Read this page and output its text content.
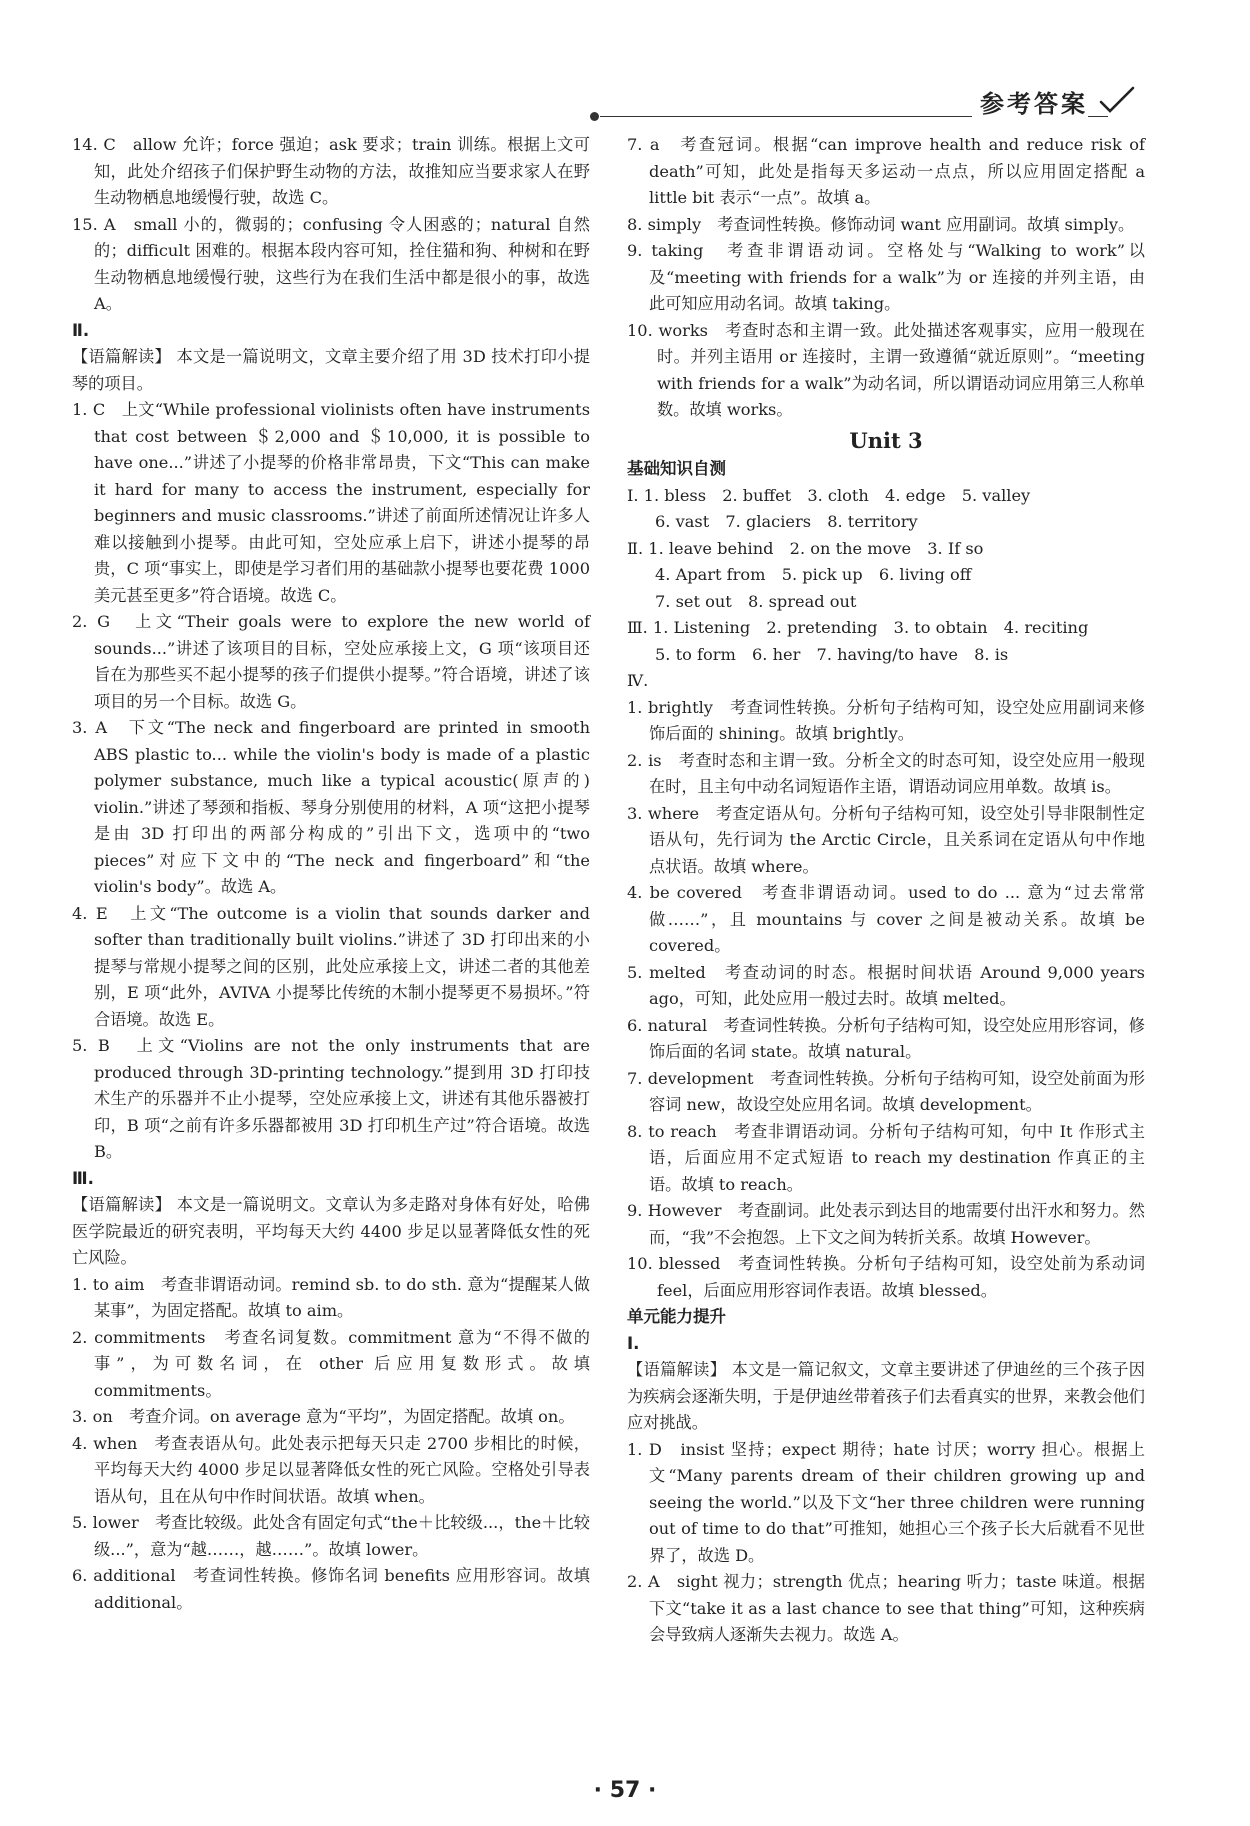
参考答案

14. C　allow 允许；force 强迫；ask 要求；train 训练。根据上文可知，此处介绍孩子们保护野生动物的方法，故推知应当要求家人在野生动物栖息地缓慢行驶，故选 C。

15. A　small 小的，微弱的；confusing 令人困惑的；natural 自然的；difficult 困难的。根据本段内容可知，拴住猫和狗、种树和在野生动物栖息地缓慢行驶，这些行为在我们生活中都是很小的事，故选 A。

Ⅱ.

【语篇解读】 本文是一篇说明文，文章主要介绍了用 3D 技术打印小提琴的项目。

1. C　上文“While professional violinists often have instruments that cost between ＄2,000 and ＄10,000, it is possible to have one...”讲述了小提琴的价格非常昂贵，下文“This can make it hard for many to access the instrument, especially for beginners and music classrooms.”讲述了前面所述情况让许多人难以接触到小提琴。由此可知，空处应承上启下，讲述小提琴的昂贵，C 项“事实上，即使是学习者们用的基础款小提琴也要花费 1000 美元甚至更多”符合语境。故选 C。

2. G　上文“Their goals were to explore the new world of sounds...”讲述了该项目的目标，空处应承接上文，G 项“该项目还旨在为那些买不起小提琴的孩子们提供小提琴。”符合语境，讲述了该项目的另一个目标。故选 G。

3. A　下文“The neck and fingerboard are printed in smooth ABS plastic to... while the violin's body is made of a plastic polymer substance, much like a typical acoustic(原声的) violin.”讲述了琴颈和指板、琴身分别使用的材料，A 项“这把小提琴是由 3D 打印出的两部分构成的”引出下文，选项中的“two pieces”对应下文中的“The neck and fingerboard”和“the violin's body”。故选 A。

4. E　上文“The outcome is a violin that sounds darker and softer than traditionally built violins.”讲述了 3D 打印出来的小提琴与常规小提琴之间的区别，此处应承接上文，讲述二者的其他差别，E 项“此外，AVIVA 小提琴比传统的木制小提琴更不易损坏。”符合语境。故选 E。

5. B　上文“Violins are not the only instruments that are produced through 3D-printing technology.”提到用 3D 打印技术生产的乐器并不止小提琴，空处应承接上文，讲述有其他乐器被打印，B 项“之前有许多乐器都被用 3D 打印机生产过”符合语境。故选 B。

Ⅲ.

【语篇解读】 本文是一篇说明文。文章认为多走路对身体有好处，哈佛医学院最近的研究表明，平均每天大约 4400 步足以显著降低女性的死亡风险。

1. to aim　考查非谓语动词。remind sb. to do sth. 意为“提醒某人做某事”，为固定搭配。故填 to aim。

2. commitments　考查名词复数。commitment 意为“不得不做的事”，为可数名词，在 other 后应用复数形式。故填 commitments。

3. on　考查介词。on average 意为“平均”，为固定搭配。故填 on。

4. when　考查表语从句。此处表示把每天只走 2700 步相比的时候，平均每天大约 4000 步足以显著降低女性的死亡风险。空格处引导表语从句，且在从句中作时间状语。故填 when。

5. lower　考查比较级。此处含有固定句式“the＋比较级...，the＋比较级...”，意为“越……，越……”。故填 lower。

6. additional　考查词性转换。修饰名词 benefits 应用形容词。故填 additional。

7. a　考查冠词。根据“can improve health and reduce risk of death”可知，此处是指每天多运动一点点，所以应用固定搭配 a little bit 表示“一点”。故填 a。

8. simply　考查词性转换。修饰动词 want 应用副词。故填 simply。

9. taking　考查非谓语动词。空格处与“Walking to work”以及“meeting with friends for a walk”为 or 连接的并列主语，由此可知应用动名词。故填 taking。

10. works　考查时态和主谓一致。此处描述客观事实，应用一般现在时。并列主语用 or 连接时，主谓一致遵循“就近原则”。“meeting with friends for a walk”为动名词，所以谓语动词应用第三人称单数。故填 works。

Unit 3

基础知识自测

Ⅰ. 1. bless　2. buffet　3. cloth　4. edge　5. valley

6. vast　7. glaciers　8. territory

Ⅱ. 1. leave behind　2. on the move　3. If so

4. Apart from　5. pick up　6. living off

7. set out　8. spread out

Ⅲ. 1. Listening　2. pretending　3. to obtain　4. reciting

5. to form　6. her　7. having/to have　8. is

Ⅳ.

1. brightly　考查词性转换。分析句子结构可知，设空处应用副词来修饰后面的 shining。故填 brightly。

2. is　考查时态和主谓一致。分析全文的时态可知，设空处应用一般现在时，且主句中动名词短语作主语，谓语动词应用单数。故填 is。

3. where　考查定语从句。分析句子结构可知，设空处引导非限制性定语从句，先行词为 the Arctic Circle，且关系词在定语从句中作地点状语。故填 where。

4. be covered　考查非谓语动词。used to do ... 意为“过去常常做……”，且 mountains 与 cover 之间是被动关系。故填 be covered。

5. melted　考查动词的时态。根据时间状语 Around 9,000 years ago，可知，此处应用一般过去时。故填 melted。

6. natural　考查词性转换。分析句子结构可知，设空处应用形容词，修饰后面的名词 state。故填 natural。

7. development　考查词性转换。分析句子结构可知，设空处前面为形容词 new，故设空处应用名词。故填 development。

8. to reach　考查非谓语动词。分析句子结构可知，句中 It 作形式主语，后面应用不定式短语 to reach my destination 作真正的主语。故填 to reach。

9. However　考查副词。此处表示到达目的地需要付出汗水和努力。然而，“我”不会抱怨。上下文之间为转折关系。故填 However。

10. blessed　考查词性转换。分析句子结构可知，设空处前为系动词 feel，后面应用形容词作表语。故填 blessed。

单元能力提升

Ⅰ.

【语篇解读】 本文是一篇记叙文，文章主要讲述了伊迪丝的三个孩子因为疾病会逐渐失明，于是伊迪丝带着孩子们去看真实的世界，来教会他们应对挑战。

1. D　insist 坚持；expect 期待；hate 讨厌；worry 担心。根据上文“Many parents dream of their children growing up and seeing the world.”以及下文“her three children were running out of time to do that”可推知，她担心三个孩子长大后就看不见世界了，故选 D。

2. A　sight 视力；strength 优点；hearing 听力；taste 味道。根据下文“take it as a last chance to see that thing”可知，这种疾病会导致病人逐渐失去视力。故选 A。

· 57 ·
